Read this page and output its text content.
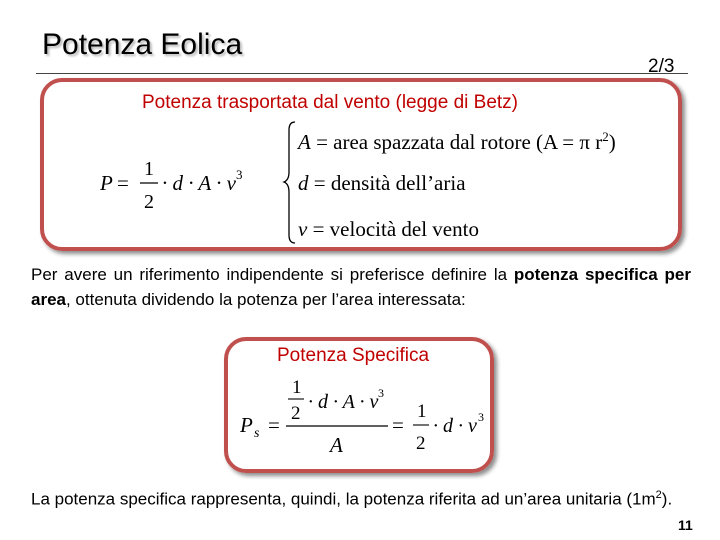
Potenza Eolica
2/3
Potenza trasportata dal vento (legge di Betz)
P =
1
2
· d · A · v 3
A = area spazzata dal rotore (A = π $r^2$)
d = densità dell’aria
v = velocità del vento
Per avere un riferimento indipendente si preferisce definire la potenza specifica per area, ottenuta dividendo la potenza per l’area interessata:
Potenza Specifica
P s =
1
2
· d · A · v 3
A
=
1
2
· d · v 3
La potenza specifica rappresenta, quindi, la potenza riferita ad un’area unitaria $(1m^2)$.
11
